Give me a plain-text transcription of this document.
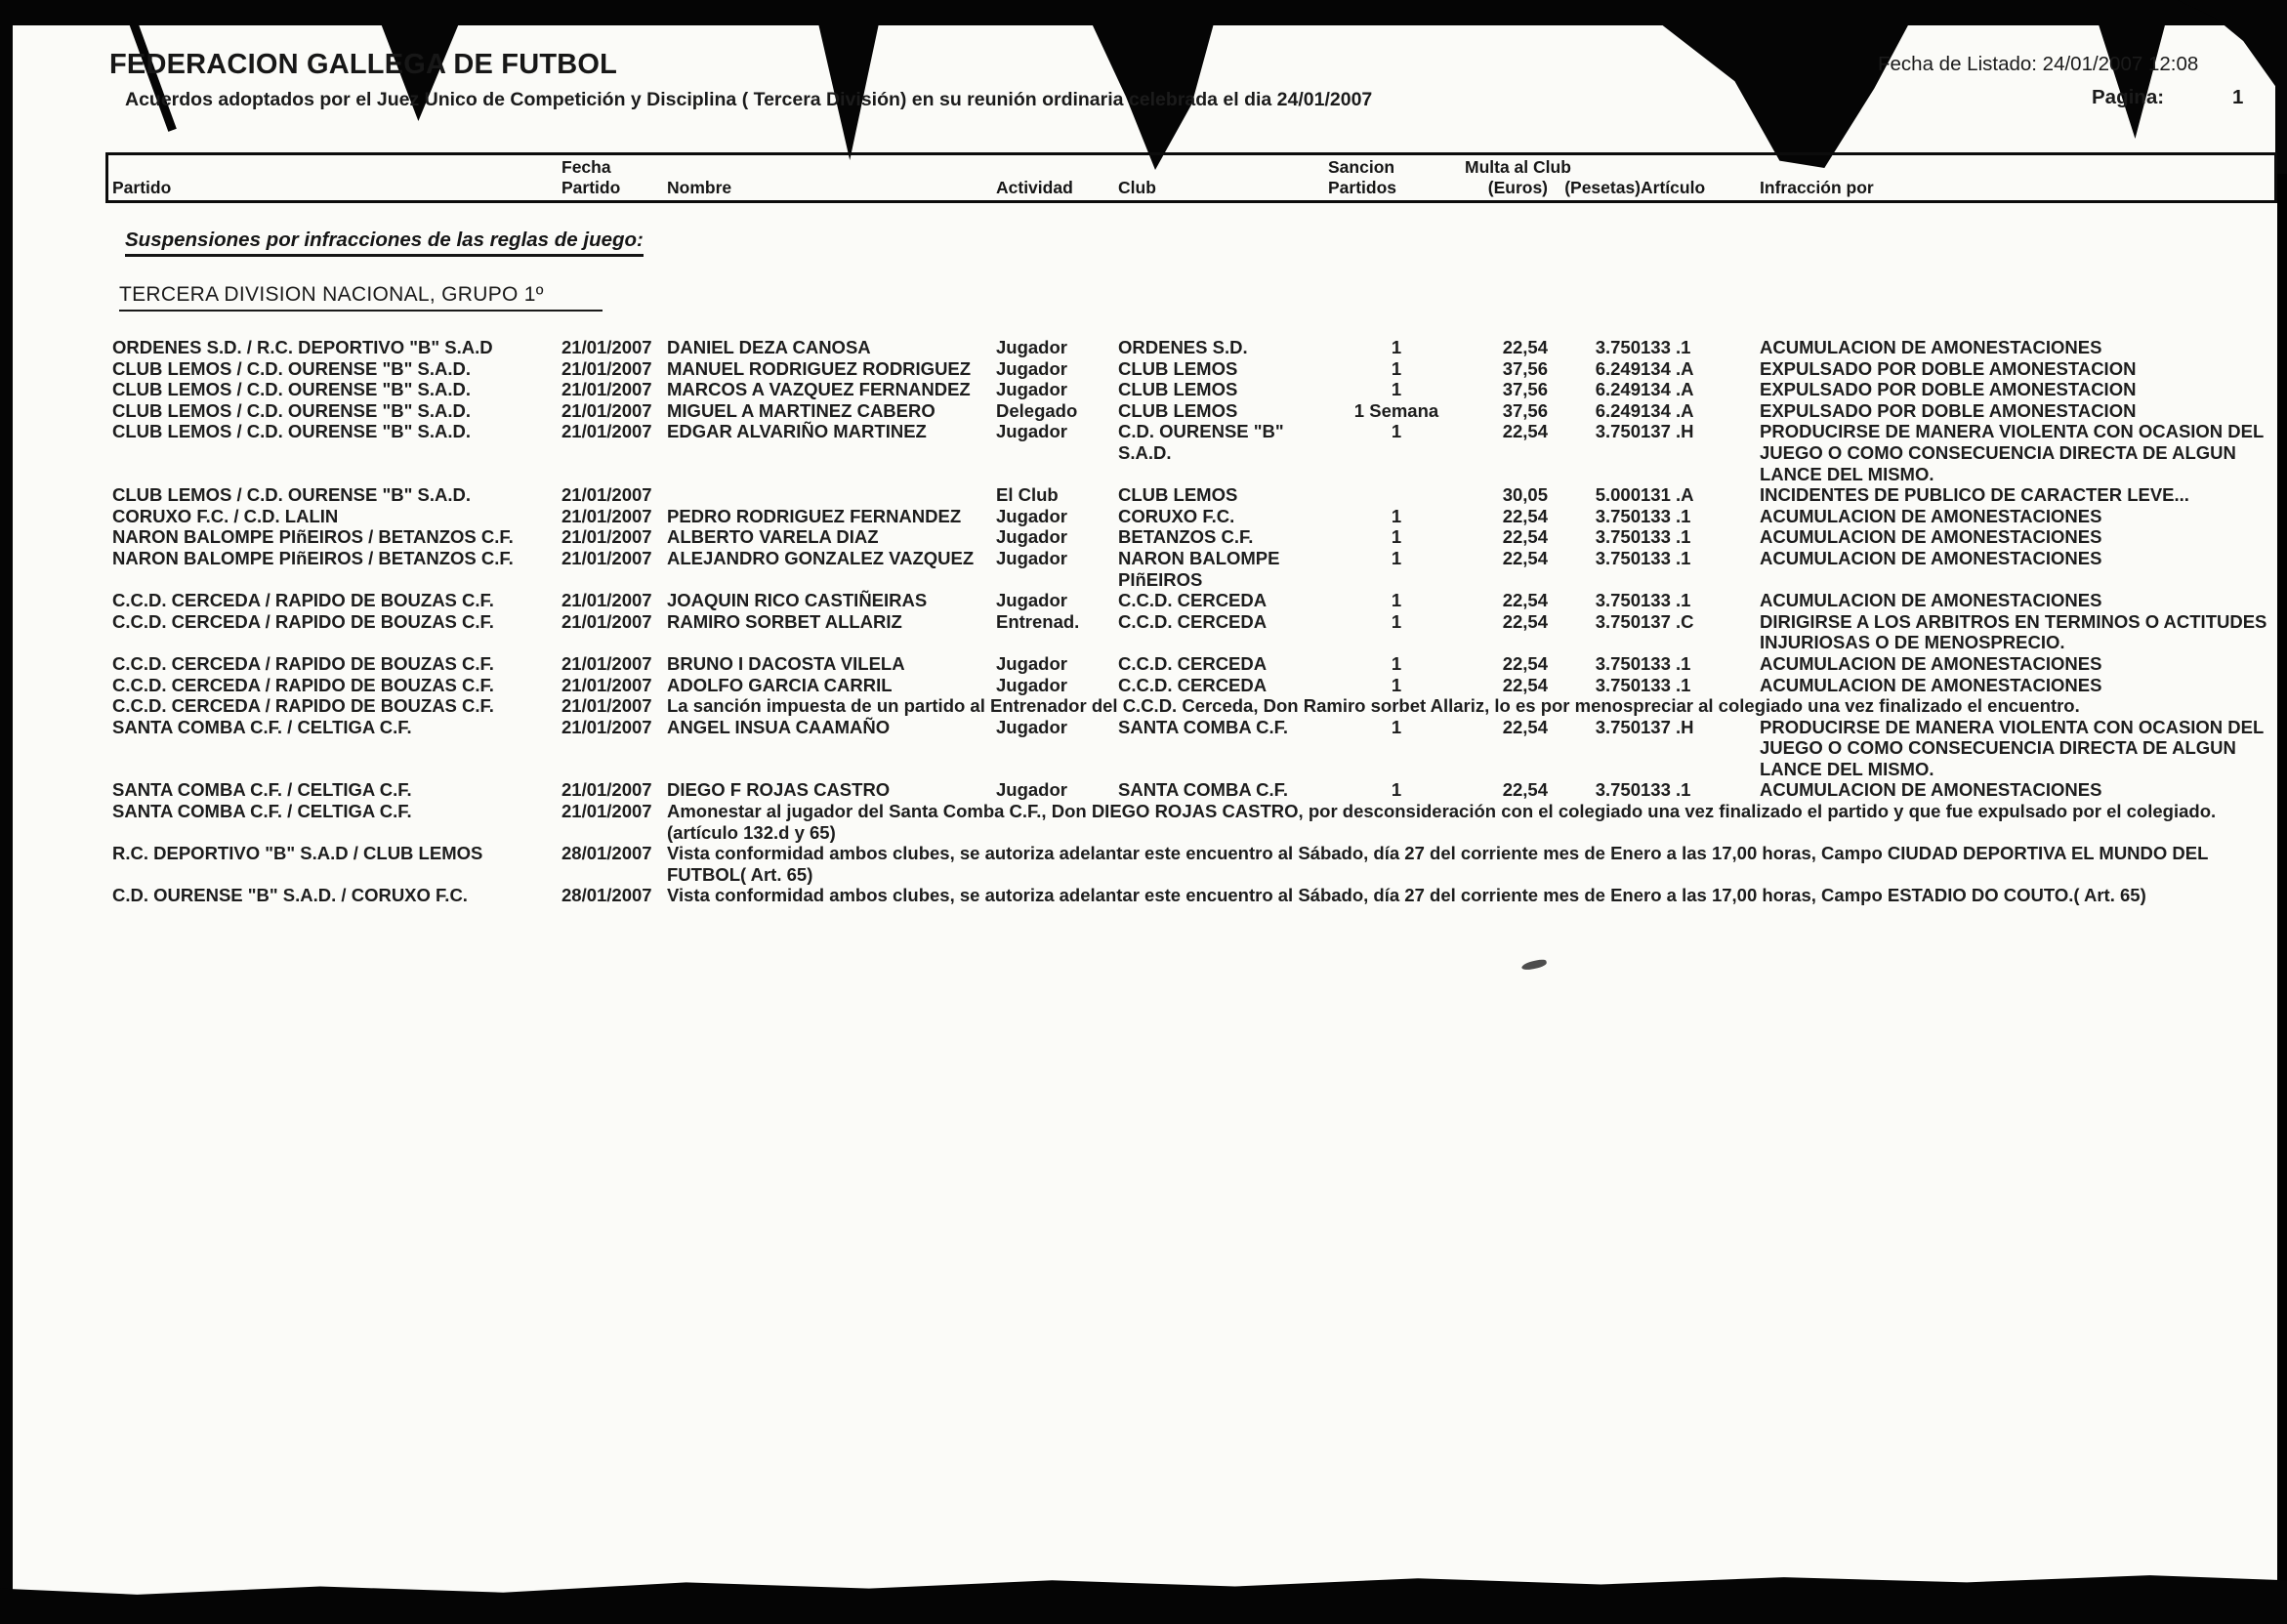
FEDERACION GALLEGA DE FUTBOL
Acuerdos adoptados por el Juez Unico de Competición y Disciplina ( Tercera División) en su reunión ordinaria celebrada el dia 24/01/2007
Fecha de Listado: 24/01/2007 12:08
Pagina:	1
	Fecha				Sancion	Multa al Club			
Partido	Partido	Nombre	Actividad	Club	Partidos	(Euros)	(Pesetas)	Artículo	Infracción por
Suspensiones por infracciones de las reglas de juego:
TERCERA DIVISION NACIONAL, GRUPO 1º
ORDENES S.D. / R.C. DEPORTIVO "B" S.A.D	21/01/2007	DANIEL DEZA CANOSA	Jugador	ORDENES S.D.	1	22,54	3.750	133 .1	ACUMULACION DE AMONESTACIONES
CLUB LEMOS / C.D. OURENSE "B" S.A.D.	21/01/2007	MANUEL RODRIGUEZ RODRIGUEZ	Jugador	CLUB LEMOS	1	37,56	6.249	134 .A	EXPULSADO POR DOBLE AMONESTACION
CLUB LEMOS / C.D. OURENSE "B" S.A.D.	21/01/2007	MARCOS A VAZQUEZ FERNANDEZ	Jugador	CLUB LEMOS	1	37,56	6.249	134 .A	EXPULSADO POR DOBLE AMONESTACION
CLUB LEMOS / C.D. OURENSE "B" S.A.D.	21/01/2007	MIGUEL A MARTINEZ CABERO	Delegado	CLUB LEMOS	1 Semana	37,56	6.249	134 .A	EXPULSADO POR DOBLE AMONESTACION
CLUB LEMOS / C.D. OURENSE "B" S.A.D.	21/01/2007	EDGAR ALVARIÑO MARTINEZ	Jugador	C.D. OURENSE "B" S.A.D.	1	22,54	3.750	137 .H	PRODUCIRSE DE MANERA VIOLENTA CON OCASION DEL JUEGO O COMO CONSECUENCIA DIRECTA DE ALGUN LANCE DEL MISMO.
CLUB LEMOS / C.D. OURENSE "B" S.A.D.	21/01/2007		El Club	CLUB LEMOS		30,05	5.000	131 .A	INCIDENTES DE PUBLICO DE CARACTER LEVE...
CORUXO F.C. / C.D. LALIN	21/01/2007	PEDRO RODRIGUEZ FERNANDEZ	Jugador	CORUXO F.C.	1	22,54	3.750	133 .1	ACUMULACION DE AMONESTACIONES
NARON BALOMPE PIñEIROS / BETANZOS C.F.	21/01/2007	ALBERTO VARELA DIAZ	Jugador	BETANZOS C.F.	1	22,54	3.750	133 .1	ACUMULACION DE AMONESTACIONES
NARON BALOMPE PIñEIROS / BETANZOS C.F.	21/01/2007	ALEJANDRO GONZALEZ VAZQUEZ	Jugador	NARON BALOMPE PIñEIROS	1	22,54	3.750	133 .1	ACUMULACION DE AMONESTACIONES
C.C.D. CERCEDA / RAPIDO DE BOUZAS C.F.	21/01/2007	JOAQUIN RICO CASTIÑEIRAS	Jugador	C.C.D. CERCEDA	1	22,54	3.750	133 .1	ACUMULACION DE AMONESTACIONES
C.C.D. CERCEDA / RAPIDO DE BOUZAS C.F.	21/01/2007	RAMIRO SORBET ALLARIZ	Entrenad.	C.C.D. CERCEDA	1	22,54	3.750	137 .C	DIRIGIRSE A LOS ARBITROS EN TERMINOS O ACTITUDES INJURIOSAS O DE MENOSPRECIO.
C.C.D. CERCEDA / RAPIDO DE BOUZAS C.F.	21/01/2007	BRUNO I DACOSTA VILELA	Jugador	C.C.D. CERCEDA	1	22,54	3.750	133 .1	ACUMULACION DE AMONESTACIONES
C.C.D. CERCEDA / RAPIDO DE BOUZAS C.F.	21/01/2007	ADOLFO GARCIA CARRIL	Jugador	C.C.D. CERCEDA	1	22,54	3.750	133 .1	ACUMULACION DE AMONESTACIONES
C.C.D. CERCEDA / RAPIDO DE BOUZAS C.F.	21/01/2007	La sanción impuesta de un partido al Entrenador del C.C.D. Cerceda, Don Ramiro sorbet Allariz, lo es por menospreciar al colegiado una vez finalizado el encuentro.							
SANTA COMBA C.F. / CELTIGA C.F.	21/01/2007	ANGEL INSUA CAAMAÑO	Jugador	SANTA COMBA C.F.	1	22,54	3.750	137 .H	PRODUCIRSE DE MANERA VIOLENTA CON OCASION DEL JUEGO O COMO CONSECUENCIA DIRECTA DE ALGUN LANCE DEL MISMO.
SANTA COMBA C.F. / CELTIGA C.F.	21/01/2007	DIEGO F ROJAS CASTRO	Jugador	SANTA COMBA C.F.	1	22,54	3.750	133 .1	ACUMULACION DE AMONESTACIONES
SANTA COMBA C.F. / CELTIGA C.F.	21/01/2007	Amonestar al jugador del Santa Comba C.F., Don DIEGO ROJAS CASTRO, por desconsideración con el colegiado una vez finalizado el partido y que fue expulsado por el colegiado. (artículo 132.d y 65)							
R.C. DEPORTIVO "B" S.A.D / CLUB LEMOS	28/01/2007	Vista conformidad ambos clubes, se autoriza adelantar este encuentro al Sábado, día 27 del corriente mes de Enero a las 17,00 horas, Campo CIUDAD DEPORTIVA EL MUNDO DEL FUTBOL( Art. 65)							
C.D. OURENSE "B" S.A.D. / CORUXO F.C.	28/01/2007	Vista conformidad ambos clubes, se autoriza adelantar este encuentro al Sábado, día 27 del corriente mes de Enero a las 17,00 horas, Campo ESTADIO DO COUTO.( Art. 65)							
